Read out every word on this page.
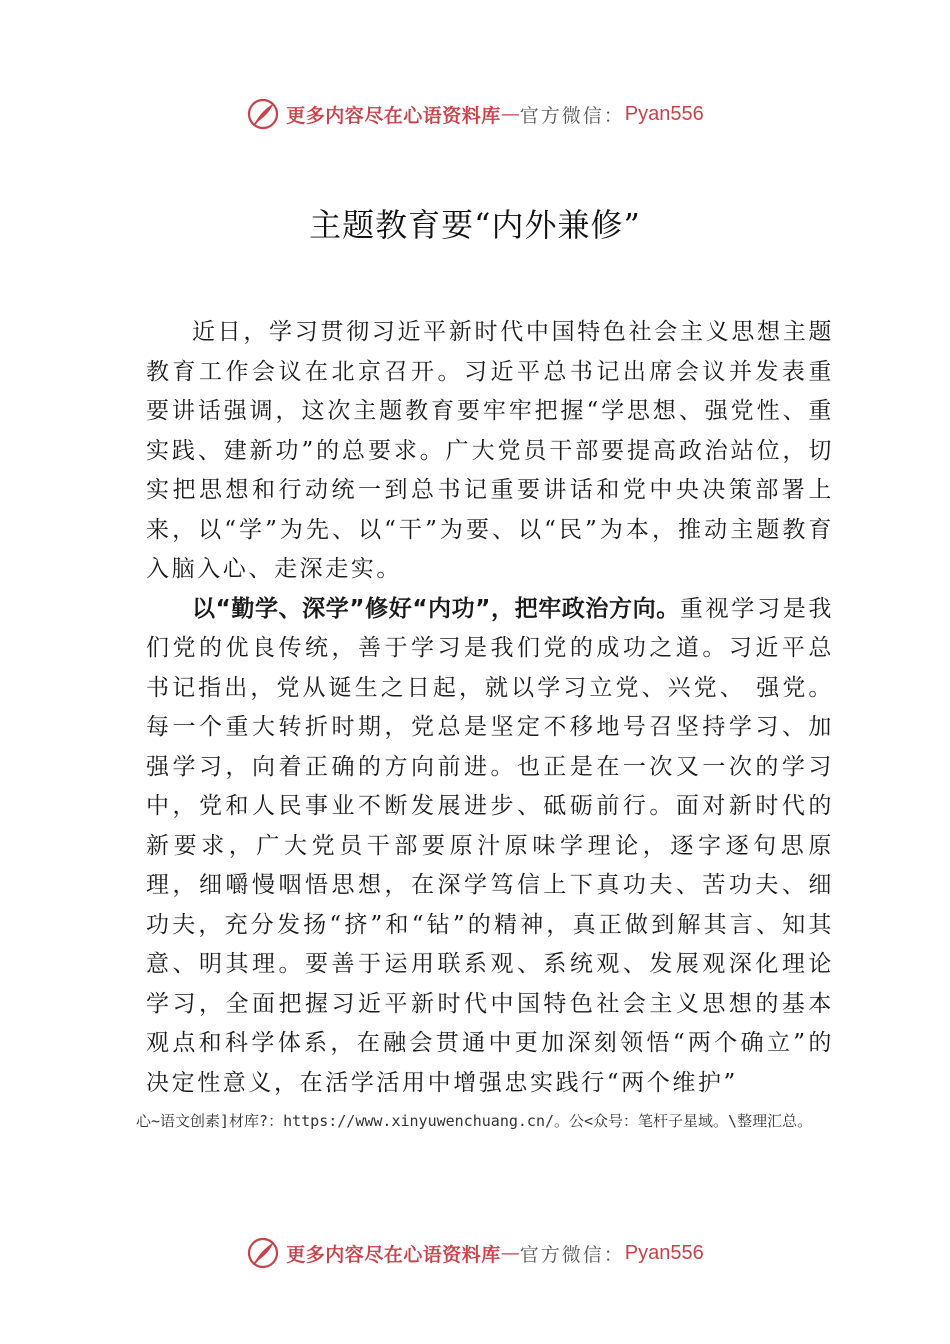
更多内容尽在心语资料库 — 官方微信： Pyan556
主题教育要“内外兼修”

近日，学习贯彻习近平新时代中国特色社会主义思想主题教育工作会议在北京召开。习近平总书记出席会议并发表重要讲话强调，这次主题教育要牢牢把握“学思想、强党性、重实践、建新功”的总要求。广大党员干部要提高政治站位，切实把思想和行动统一到总书记重要讲话和党中央决策部署上来，以“学”为先、以“干”为要、以“民”为本，推动主题教育入脑入心、走深走实。

以“勤学、深学”修好“内功”，把牢政治方向。重视学习是我们党的优良传统，善于学习是我们党的成功之道。习近平总书记指出，党从诞生之日起，就以学习立党、兴党、 强党。每一个重大转折时期，党总是坚定不移地号召坚持学习、加强学习，向着正确的方向前进。也正是在一次又一次的学习中，党和人民事业不断发展进步、砥砺前行。面对新时代的新要求，广大党员干部要原汁原味学理论，逐字逐句思原理，细嚼慢咽悟思想，在深学笃信上下真功夫、苦功夫、细功夫，充分发扬“挤”和“钻”的精神，真正做到解其言、知其意、明其理。要善于运用联系观、系统观、发展观深化理论学习，全面把握习近平新时代中国特色社会主义思想的基本观点和科学体系，在融会贯通中更加深刻领悟“两个确立”的决定性意义，在活学活用中增强忠实践行“两个维护”

心~语文创素]材库?：https://www.xinyuwenchuang.cn/。公<众号：笔杆子星域。\整理汇总。
更多内容尽在心语资料库 — 官方微信： Pyan556
